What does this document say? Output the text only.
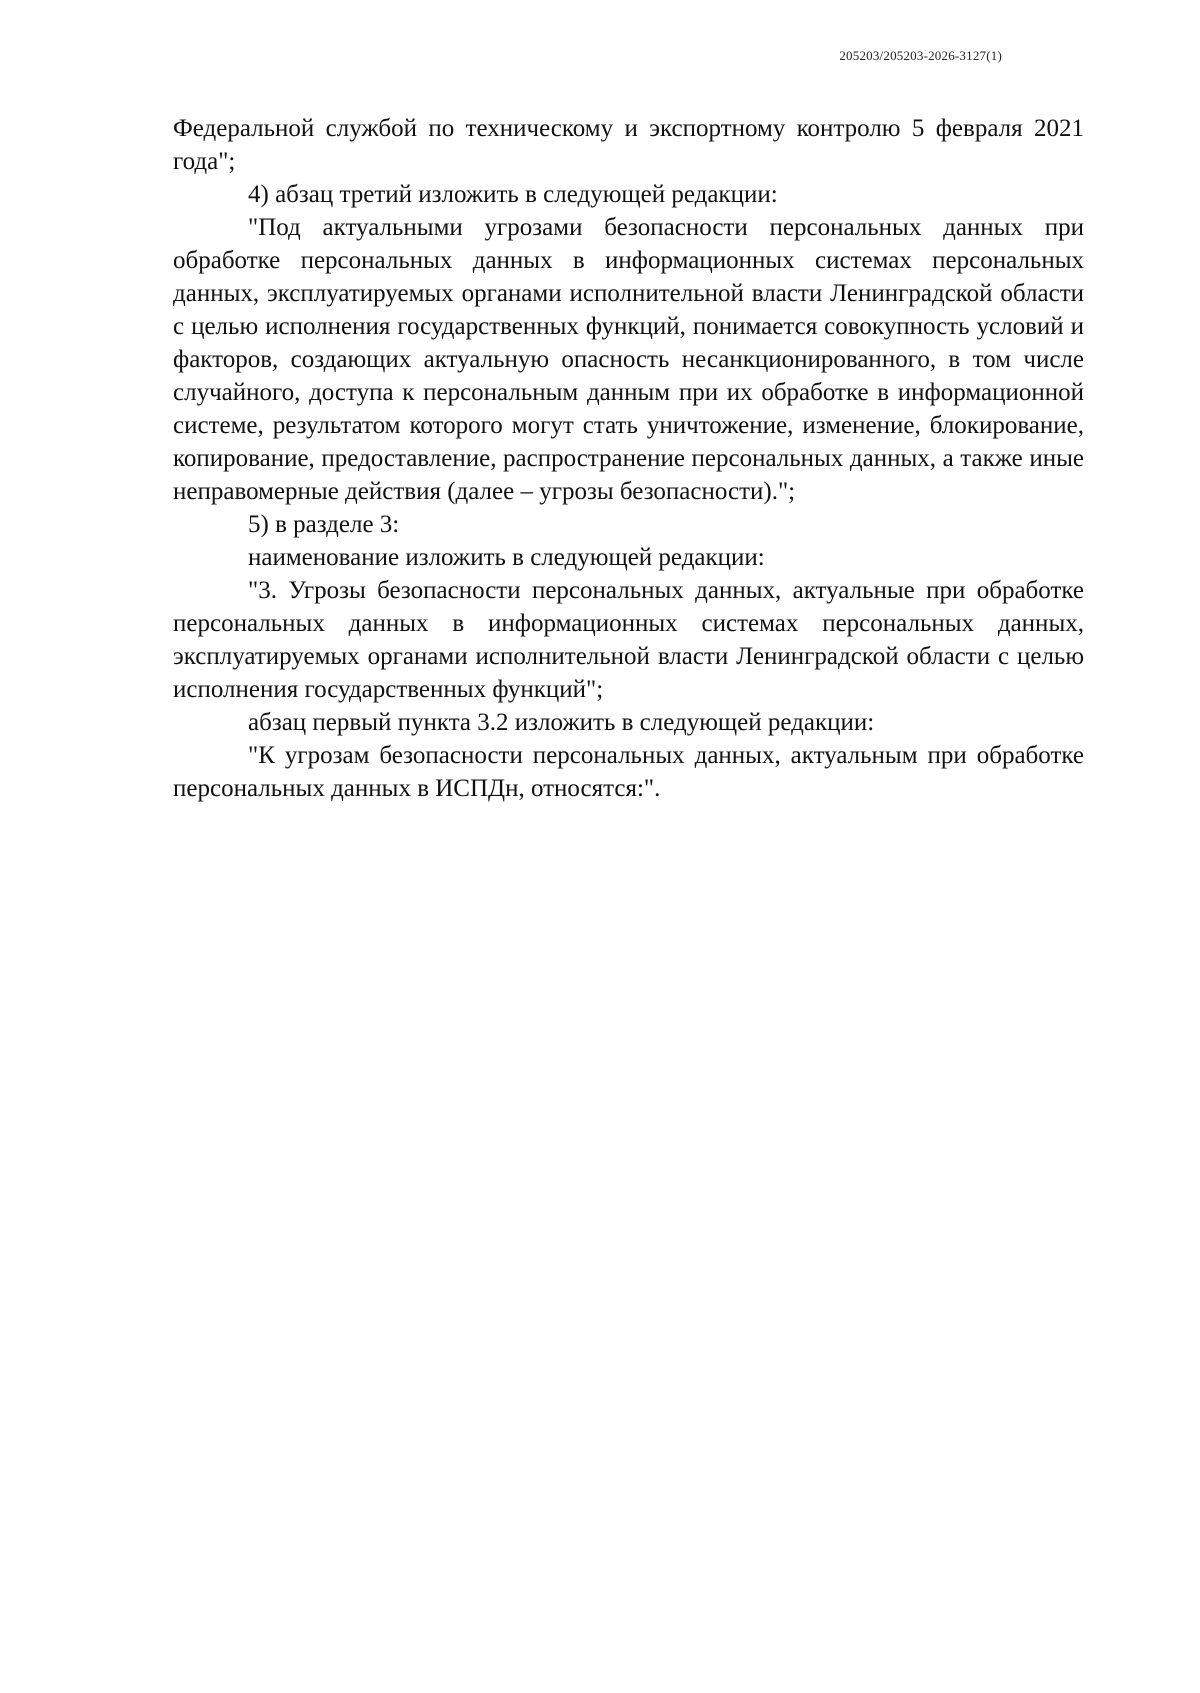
205203/205203-2026-3127(1)

Федеральной службой по техническому и экспортному контролю 5 февраля 2021 года";

4) абзац третий изложить в следующей редакции:

"Под актуальными угрозами безопасности персональных данных при обработке персональных данных в информационных системах персональных данных, эксплуатируемых органами исполнительной власти Ленинградской области с целью исполнения государственных функций, понимается совокупность условий и факторов, создающих актуальную опасность несанкционированного, в том числе случайного, доступа к персональным данным при их обработке в информационной системе, результатом которого могут стать уничтожение, изменение, блокирование, копирование, предоставление, распространение персональных данных, а также иные неправомерные действия (далее – угрозы безопасности).";

5) в разделе 3:

наименование изложить в следующей редакции:

"3. Угрозы безопасности персональных данных, актуальные при обработке персональных данных в информационных системах персональных данных, эксплуатируемых органами исполнительной власти Ленинградской области с целью исполнения государственных функций";

абзац первый пункта 3.2 изложить в следующей редакции:

"К угрозам безопасности персональных данных, актуальным при обработке персональных данных в ИСПДн, относятся:".
